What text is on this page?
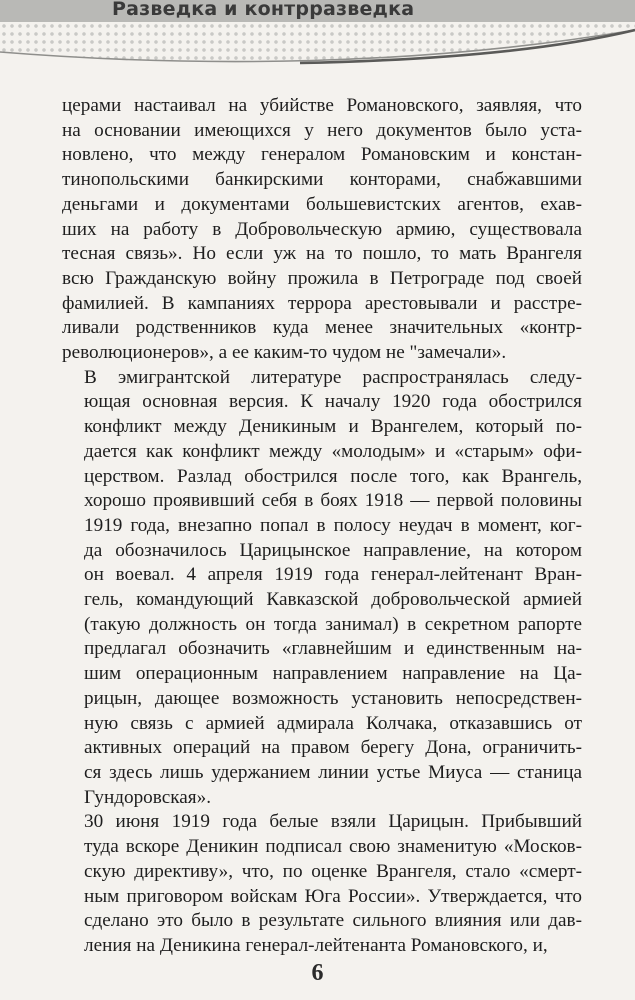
Разведка и контрразведка

церами настаивал на убийстве Романовского, заявляя, что
на основании имеющихся у него документов было уста-
новлено, что между генералом Романовским и констан-
тинопольскими банкирскими конторами, снабжавшими
деньгами и документами большевистских агентов, ехав-
ших на работу в Добровольческую армию, существовала
тесная связь». Но если уж на то пошло, то мать Врангеля
всю Гражданскую войну прожила в Петрограде под своей
фамилией. В кампаниях террора арестовывали и расстре-
ливали родственников куда менее значительных «контр-
революционеров», а ее каким-то чудом не "замечали».

В эмигрантской литературе распространялась следу-
ющая основная версия. К началу 1920 года обострился
конфликт между Деникиным и Врангелем, который по-
дается как конфликт между «молодым» и «старым» офи-
церством. Разлад обострился после того, как Врангель,
хорошо проявивший себя в боях 1918 — первой половины
1919 года, внезапно попал в полосу неудач в момент, ког-
да обозначилось Царицынское направление, на котором
он воевал. 4 апреля 1919 года генерал-лейтенант Вран-
гель, командующий Кавказской добровольческой армией
(такую должность он тогда занимал) в секретном рапорте
предлагал обозначить «главнейшим и единственным на-
шим операционным направлением направление на Ца-
рицын, дающее возможность установить непосредствен-
ную связь с армией адмирала Колчака, отказавшись от
активных операций на правом берегу Дона, ограничить-
ся здесь лишь удержанием линии устье Миуса — станица
Гундоровская».

30 июня 1919 года белые взяли Царицын. Прибывший
туда вскоре Деникин подписал свою знаменитую «Москов-
скую директиву», что, по оценке Врангеля, стало «смерт-
ным приговором войскам Юга России». Утверждается, что
сделано это было в результате сильного влияния или дав-
ления на Деникина генерал-лейтенанта Романовского, и,

6
